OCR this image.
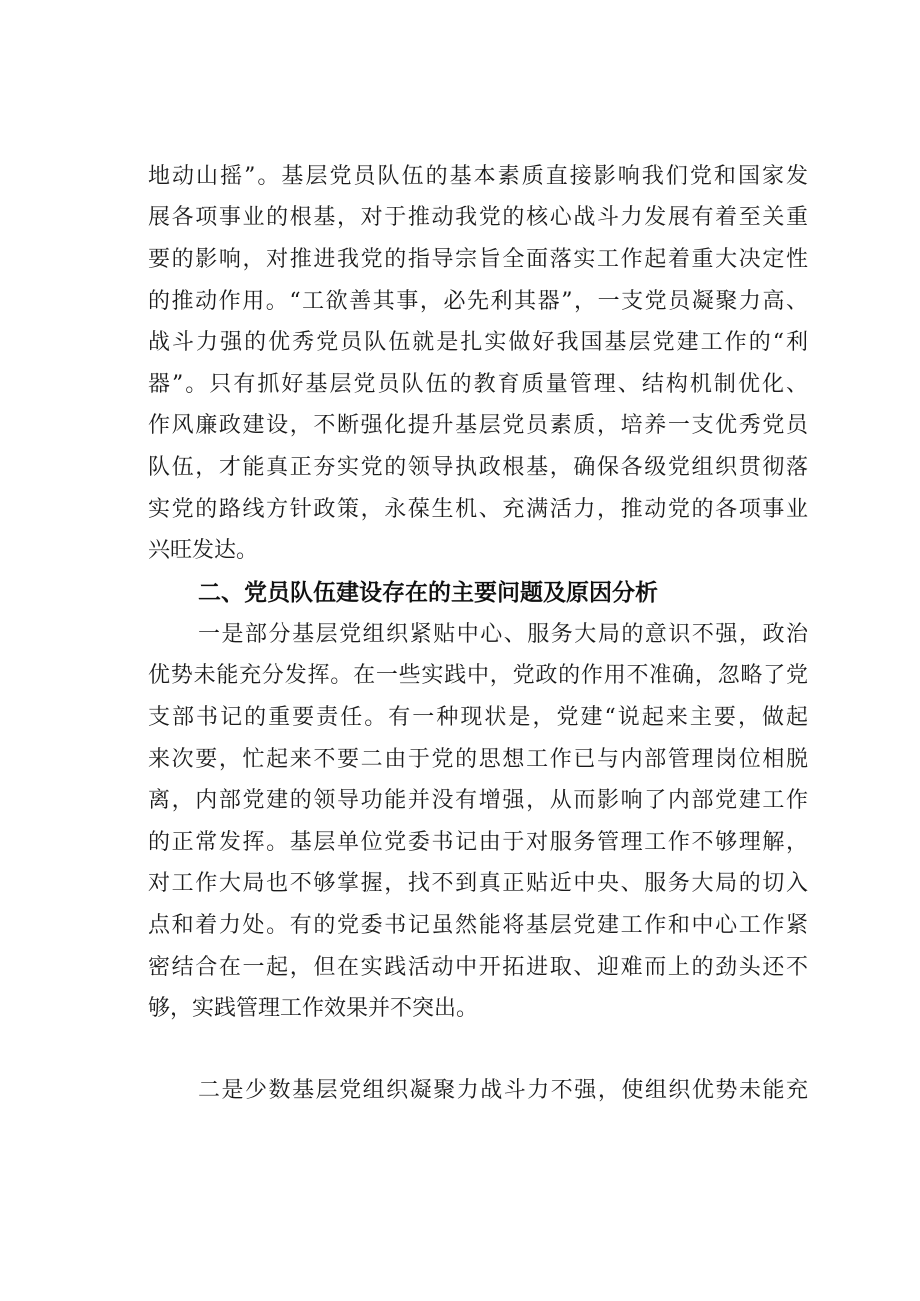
地动山摇”。基层党员队伍的基本素质直接影响我们党和国家发
展各项事业的根基，对于推动我党的核心战斗力发展有着至关重
要的影响，对推进我党的指导宗旨全面落实工作起着重大决定性
的推动作用。“工欲善其事，必先利其器”，一支党员凝聚力高、
战斗力强的优秀党员队伍就是扎实做好我国基层党建工作的“利
器”。只有抓好基层党员队伍的教育质量管理、结构机制优化、
作风廉政建设，不断强化提升基层党员素质，培养一支优秀党员
队伍，才能真正夯实党的领导执政根基，确保各级党组织贯彻落
实党的路线方针政策，永葆生机、充满活力，推动党的各项事业
兴旺发达。
二、党员队伍建设存在的主要问题及原因分析
一是部分基层党组织紧贴中心、服务大局的意识不强，政治
优势未能充分发挥。在一些实践中，党政的作用不准确，忽略了党
支部书记的重要责任。有一种现状是，党建“说起来主要，做起
来次要，忙起来不要二由于党的思想工作已与内部管理岗位相脱
离，内部党建的领导功能并没有增强，从而影响了内部党建工作
的正常发挥。基层单位党委书记由于对服务管理工作不够理解，
对工作大局也不够掌握，找不到真正贴近中央、服务大局的切入
点和着力处。有的党委书记虽然能将基层党建工作和中心工作紧
密结合在一起，但在实践活动中开拓进取、迎难而上的劲头还不
够，实践管理工作效果并不突出。
二是少数基层党组织凝聚力战斗力不强，使组织优势未能充
